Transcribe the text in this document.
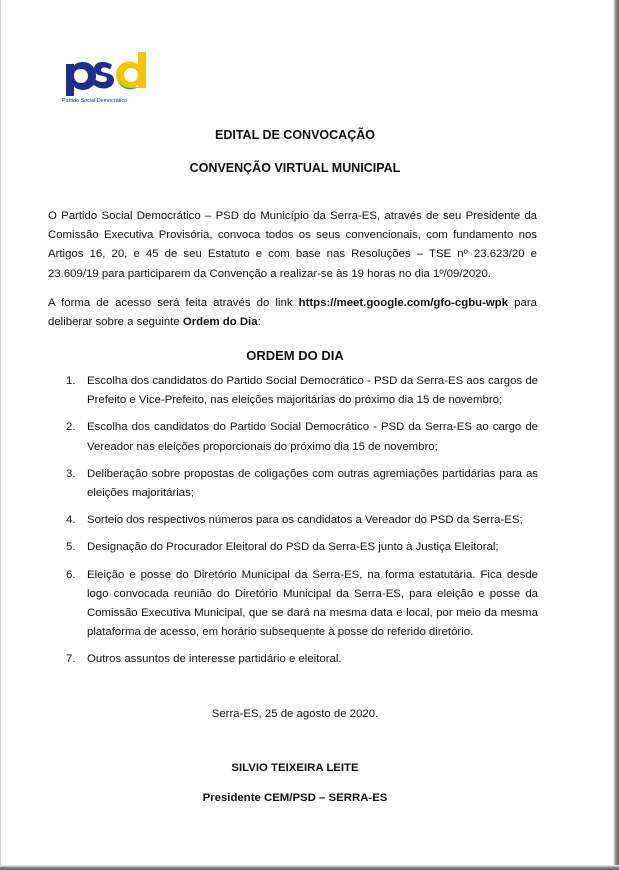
Partido Social Democrático
EDITAL DE CONVOCAÇÃO
CONVENÇÃO VIRTUAL MUNICIPAL

O Partido Social Democrático – PSD do Município da Serra-ES, através de seu Presidente da Comissão Executiva Provisória, convoca todos os seus convencionais, com fundamento nos Artigos 16, 20, e 45 de seu Estatuto e com base nas Resoluções – TSE nº 23.623/20 e 23.609/19 para participarem da Convenção a realizar-se às 19 horas no dia 1º/09/2020.

A forma de acesso será feita através do link https://meet.google.com/gfo-cgbu-wpk para deliberar sobre a seguinte Ordem do Dia:

ORDEM DO DIA
1. Escolha dos candidatos do Partido Social Democrático - PSD da Serra-ES aos cargos de Prefeito e Vice-Prefeito, nas eleições majoritárias do próximo dia 15 de novembro;
2. Escolha dos candidatos do Partido Social Democrático - PSD da Serra-ES ao cargo de Vereador nas eleições proporcionais do próximo dia 15 de novembro;
3. Deliberação sobre propostas de coligações com outras agremiações partidárias para as eleições majoritárias;
4. Sorteio dos respectivos números para os candidatos a Vereador do PSD da Serra-ES;
5. Designação do Procurador Eleitoral do PSD da Serra-ES junto à Justiça Eleitoral;
6. Eleição e posse do Diretório Municipal da Serra-ES, na forma estatutária. Fica desde logo convocada reunião do Diretório Municipal da Serra-ES, para eleição e posse da Comissão Executiva Municipal, que se dará na mesma data e local, por meio da mesma plataforma de acesso, em horário subsequente à posse do referido diretório.
7. Outros assuntos de interesse partidário e eleitoral.
Serra-ES, 25 de agosto de 2020.
SILVIO TEIXEIRA LEITE
Presidente CEM/PSD – SERRA-ES
